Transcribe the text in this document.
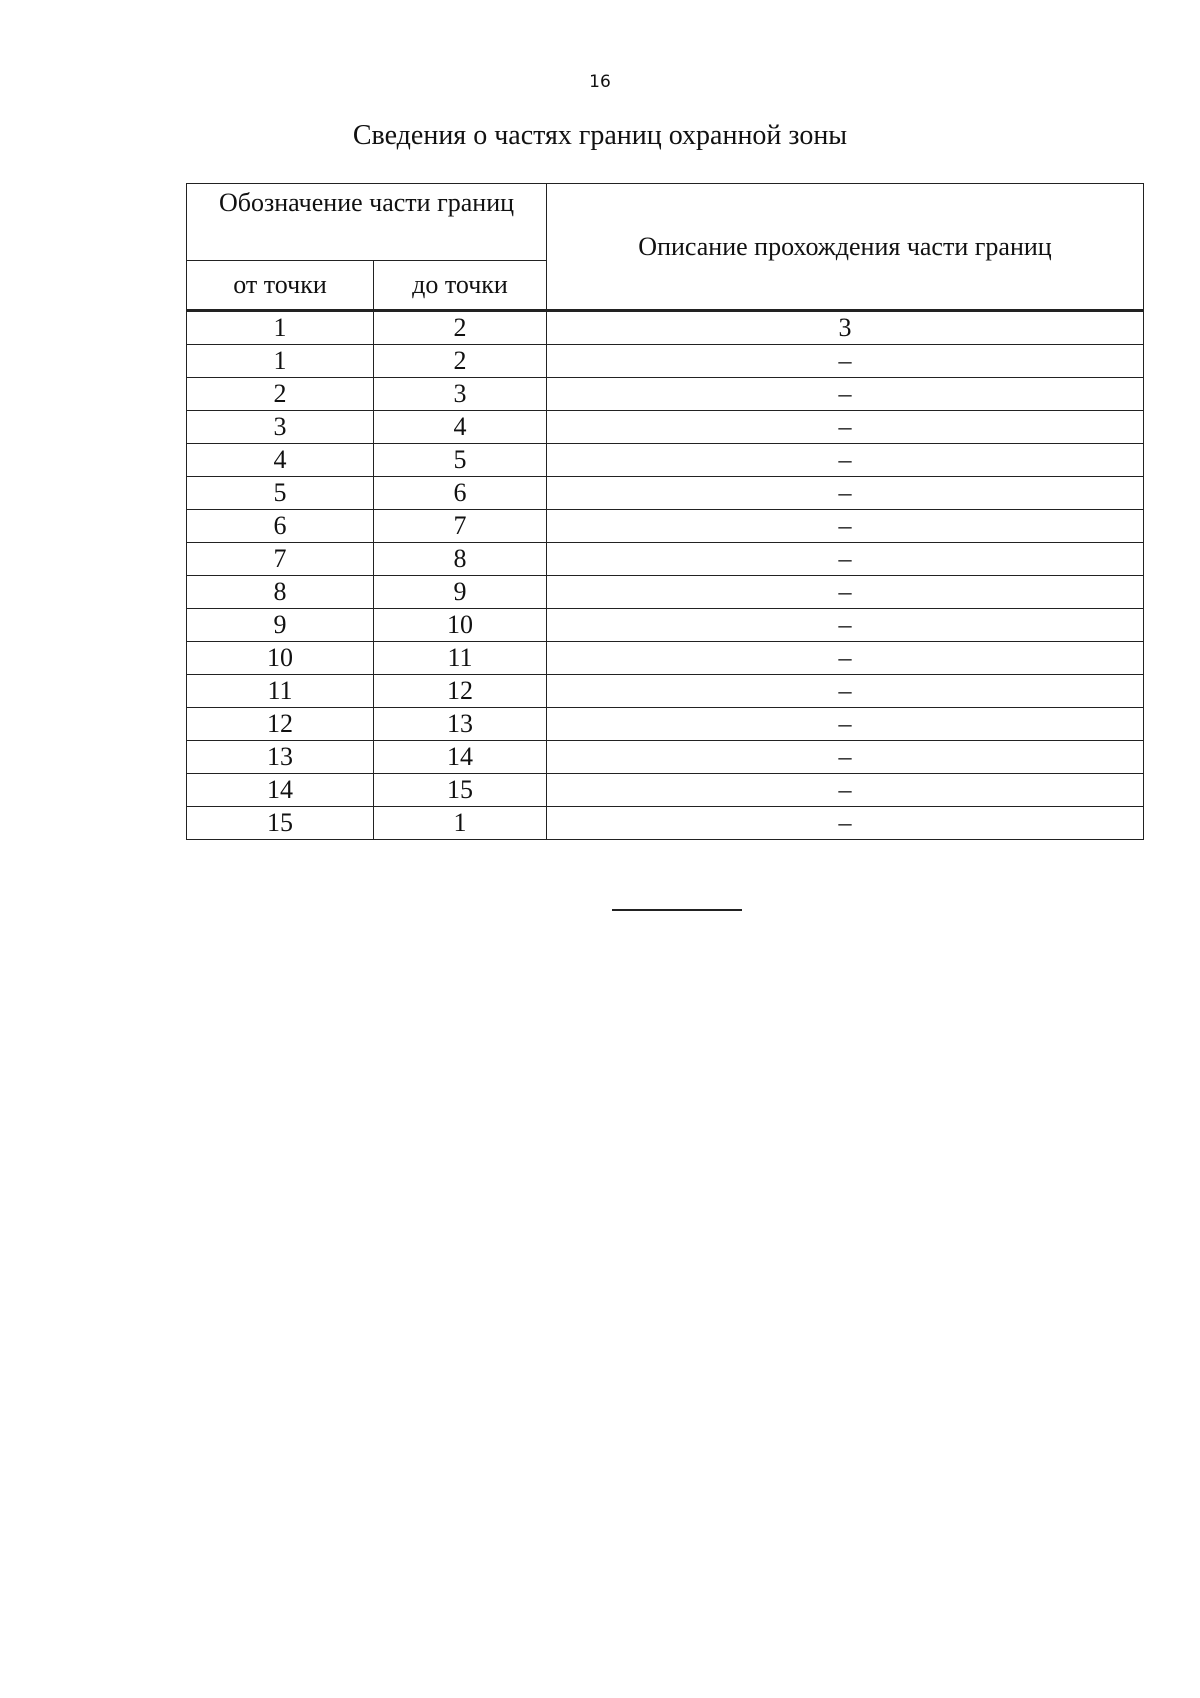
16
Сведения о частях границ охранной зоны
Обозначение части границ		Описание прохождения части границ
от точки	до точки	
1	2	3
1	2	–
2	3	–
3	4	–
4	5	–
5	6	–
6	7	–
7	8	–
8	9	–
9	10	–
10	11	–
11	12	–
12	13	–
13	14	–
14	15	–
15	1	–
